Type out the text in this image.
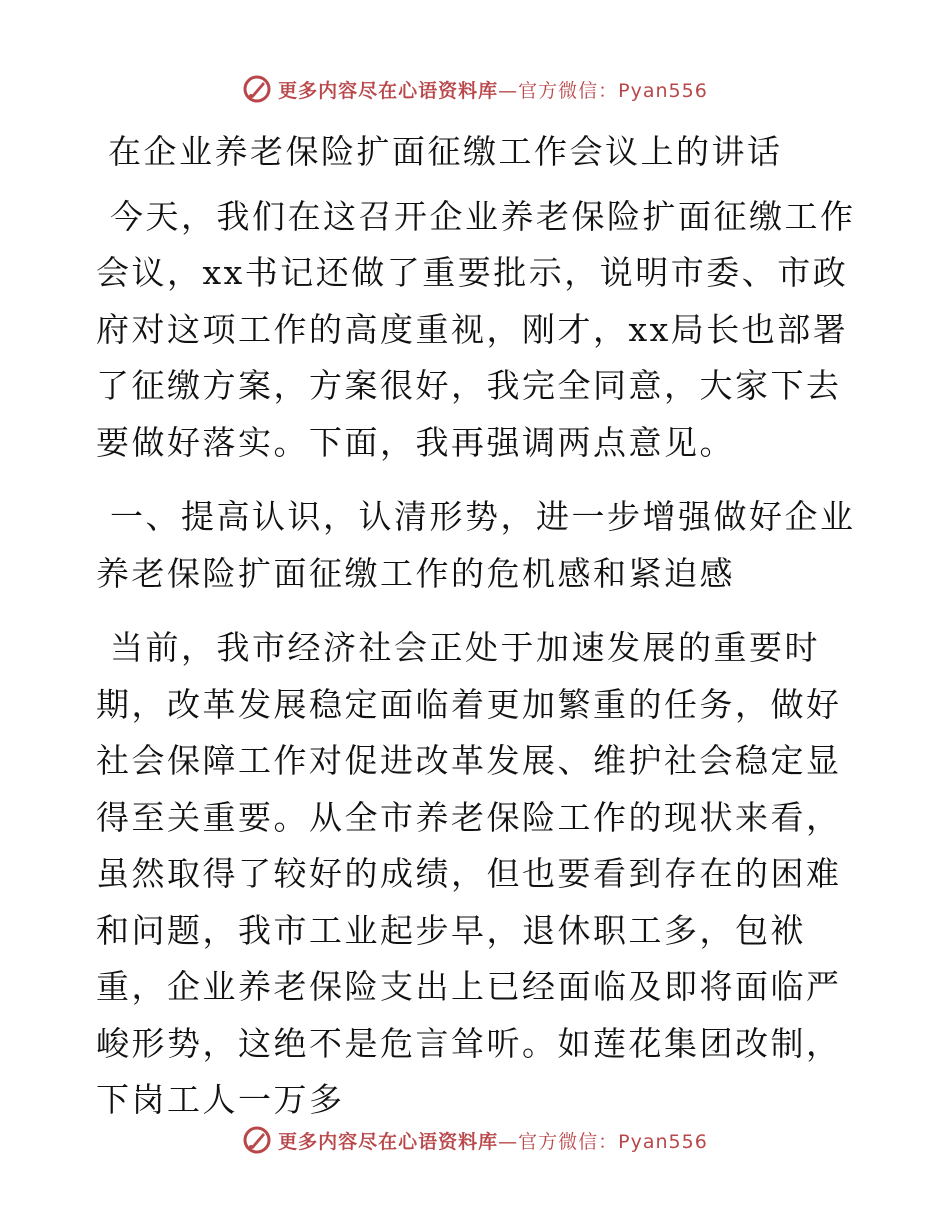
更多内容尽在心语资料库 —官方微信：Pyan556
在企业养老保险扩面征缴工作会议上的讲话

今天，我们在这召开企业养老保险扩面征缴工作会议，xx书记还做了重要批示，说明市委、市政府对这项工作的高度重视，刚才，xx局长也部署了征缴方案，方案很好，我完全同意，大家下去要做好落实。下面，我再强调两点意见。

一、提高认识，认清形势，进一步增强做好企业养老保险扩面征缴工作的危机感和紧迫感

当前，我市经济社会正处于加速发展的重要时期，改革发展稳定面临着更加繁重的任务，做好社会保障工作对促进改革发展、维护社会稳定显得至关重要。从全市养老保险工作的现状来看，虽然取得了较好的成绩，但也要看到存在的困难和问题，我市工业起步早，退休职工多，包袱重，企业养老保险支出上已经面临及即将面临严峻形势，这绝不是危言耸听。如莲花集团改制，下岗工人一万多

更多内容尽在心语资料库 —官方微信：Pyan556
